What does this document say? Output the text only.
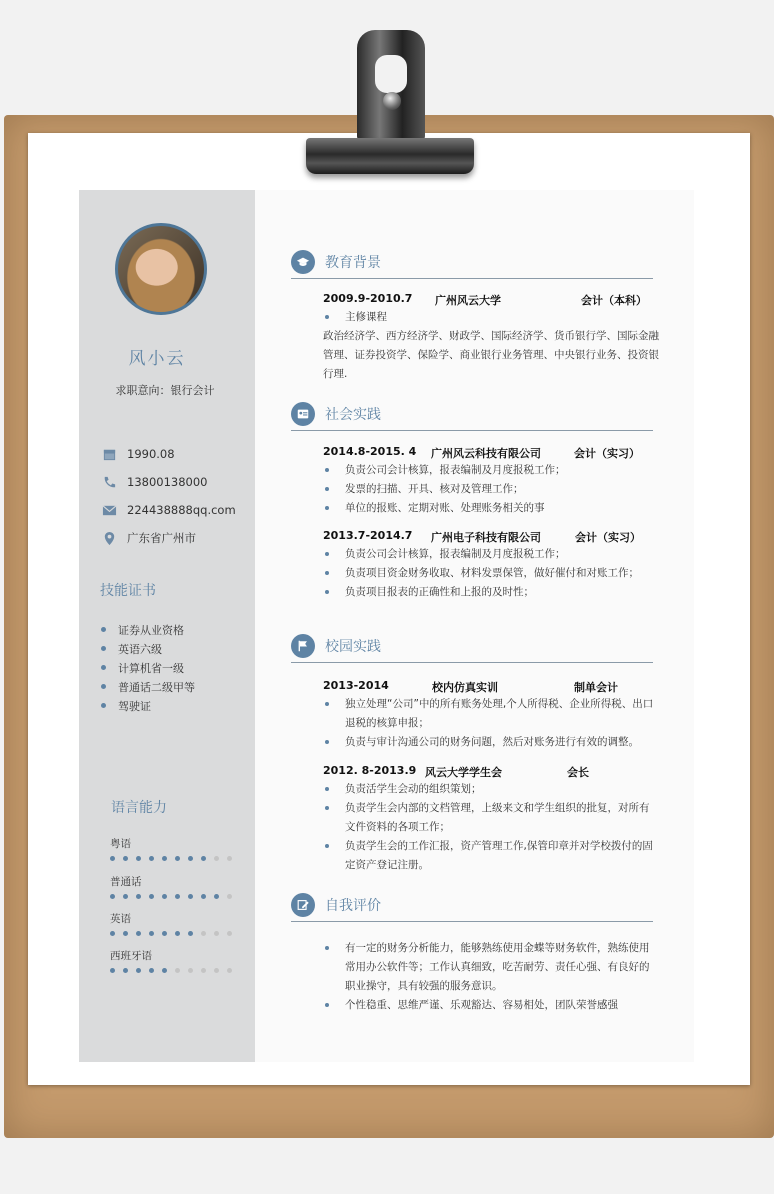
风小云
求职意向：银行会计
1990.08
13800138000
224438888qq.com
广东省广州市
技能证书
证券从业资格
英语六级
计算机省一级
普通话二级甲等
驾驶证
语言能力
粤语
普通话
英语
西班牙语
教育背景
2009.9-2010.7 广州风云大学	会计（本科）
主修课程
政治经济学、西方经济学、财政学、国际经济学、货币银行学、国际金融管理、证券投资学、保险学、商业银行业务管理、中央银行业务、投资银行理.
社会实践
2014.8-2015. 4 广州风云科技有限公司	会计（实习）
负责公司会计核算，报表编制及月度报税工作；
发票的扫描、开具、核对及管理工作；
单位的报账、定期对账、处理账务相关的事
2013.7-2014.7 广州电子科技有限公司	会计（实习）
负责公司会计核算，报表编制及月度报税工作；
负责项目资金财务收取、材料发票保管，做好催付和对账工作；
负责项目报表的正确性和上报的及时性；
校园实践
2013-2014	校内仿真实训	制单会计
独立处理“公司”中的所有账务处理,个人所得税、企业所得税、出口退税的核算申报；
负责与审计沟通公司的财务问题，然后对账务进行有效的调整。
2012. 8-2013.9 风云大学学生会	会长
负责活学生会动的组织策划；
负责学生会内部的文档管理，上级来文和学生组织的批复，对所有文件资料的各项工作；
负责学生会的工作汇报，资产管理工作,保管印章并对学校拨付的固定资产登记注册。
自我评价
有一定的财务分析能力，能够熟练使用金蝶等财务软件，熟练使用常用办公软件等；工作认真细致，吃苦耐劳、责任心强、有良好的职业操守，具有较强的服务意识。
个性稳重、思维严谨、乐观豁达、容易相处，团队荣誉感强
